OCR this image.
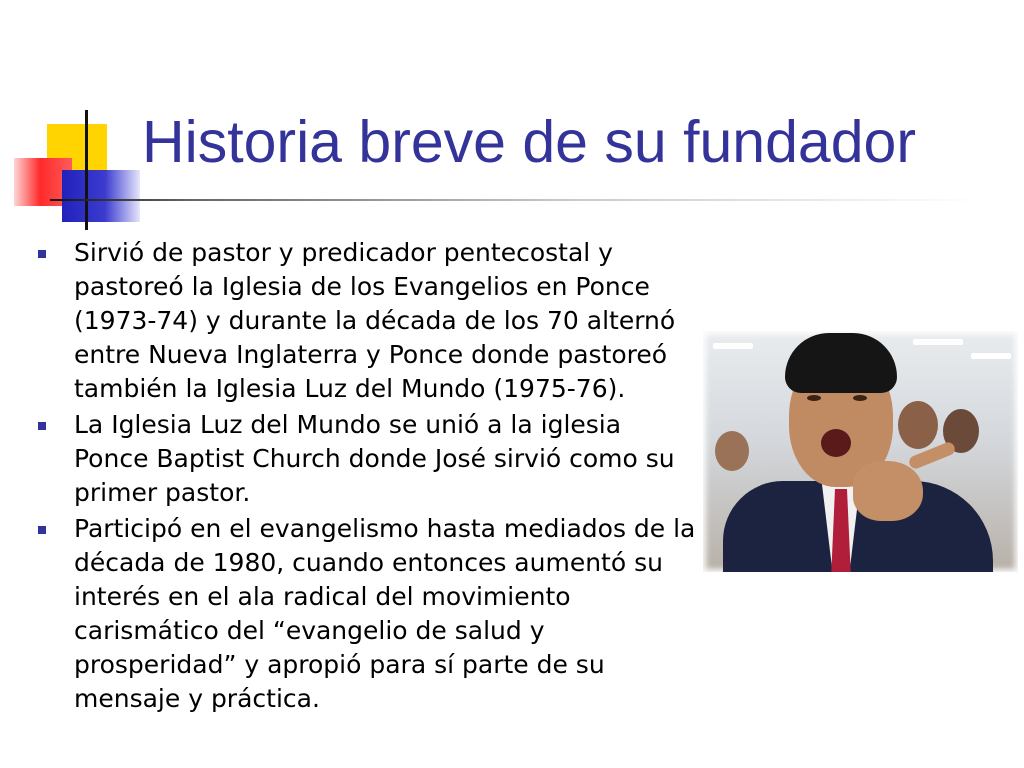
Historia breve de su fundador
Sirvió de pastor y predicador pentecostal y pastoreó la Iglesia de los Evangelios en Ponce (1973-74) y durante la década de los 70 alternó entre Nueva Inglaterra y Ponce donde pastoreó también la Iglesia Luz del Mundo (1975-76).
La Iglesia Luz del Mundo se unió a la iglesia Ponce Baptist Church donde José sirvió como su primer pastor.
Participó en el evangelismo hasta mediados de la década de 1980, cuando entonces aumentó su interés en el ala radical del movimiento carismático del “evangelio de salud y prosperidad” y apropió para sí parte de su mensaje y práctica.
